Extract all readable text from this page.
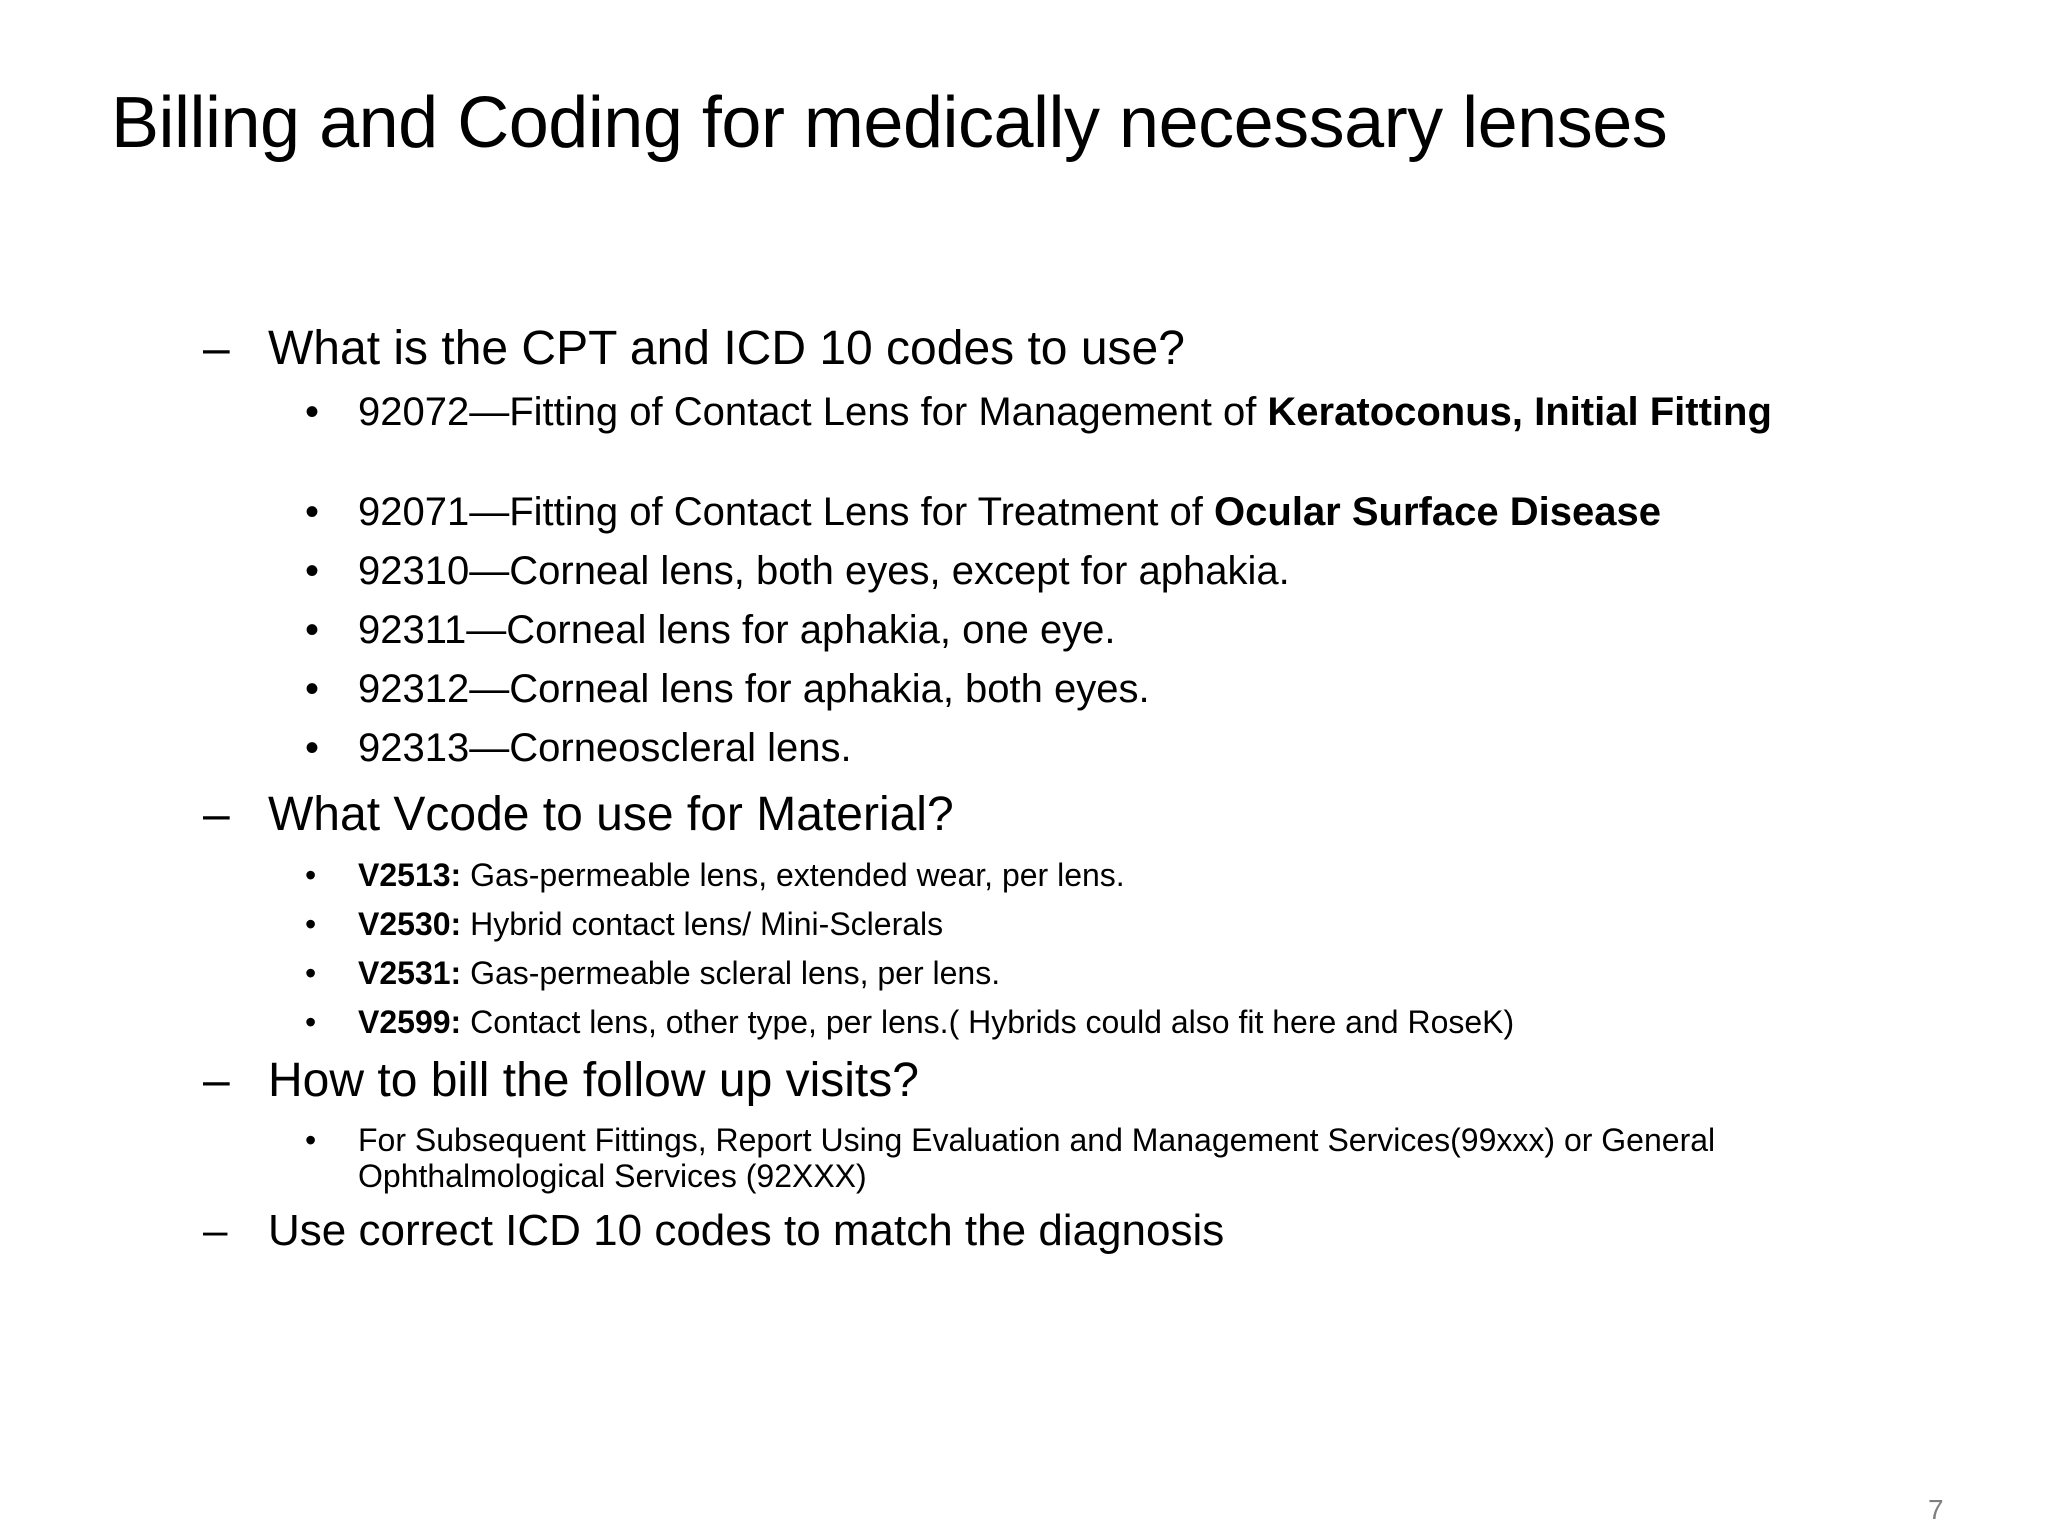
Billing and Coding for medically necessary lenses
– What is the CPT and ICD 10 codes to use?
• 92072—Fitting of Contact Lens for Management of Keratoconus, Initial Fitting
• 92071—Fitting of Contact Lens for Treatment of Ocular Surface Disease
• 92310—Corneal lens, both eyes, except for aphakia.
• 92311—Corneal lens for aphakia, one eye.
• 92312—Corneal lens for aphakia, both eyes.
• 92313—Corneoscleral lens.
– What Vcode to use for Material?
• V2513: Gas-permeable lens, extended wear, per lens.
• V2530: Hybrid contact lens/ Mini-Sclerals
• V2531: Gas-permeable scleral lens, per lens.
• V2599: Contact lens, other type, per lens.( Hybrids could also fit here and RoseK)
– How to bill the follow up visits?
• For Subsequent Fittings, Report Using Evaluation and Management Services(99xxx) or General Ophthalmological Services (92XXX)
– Use correct ICD 10 codes to match the diagnosis
7
